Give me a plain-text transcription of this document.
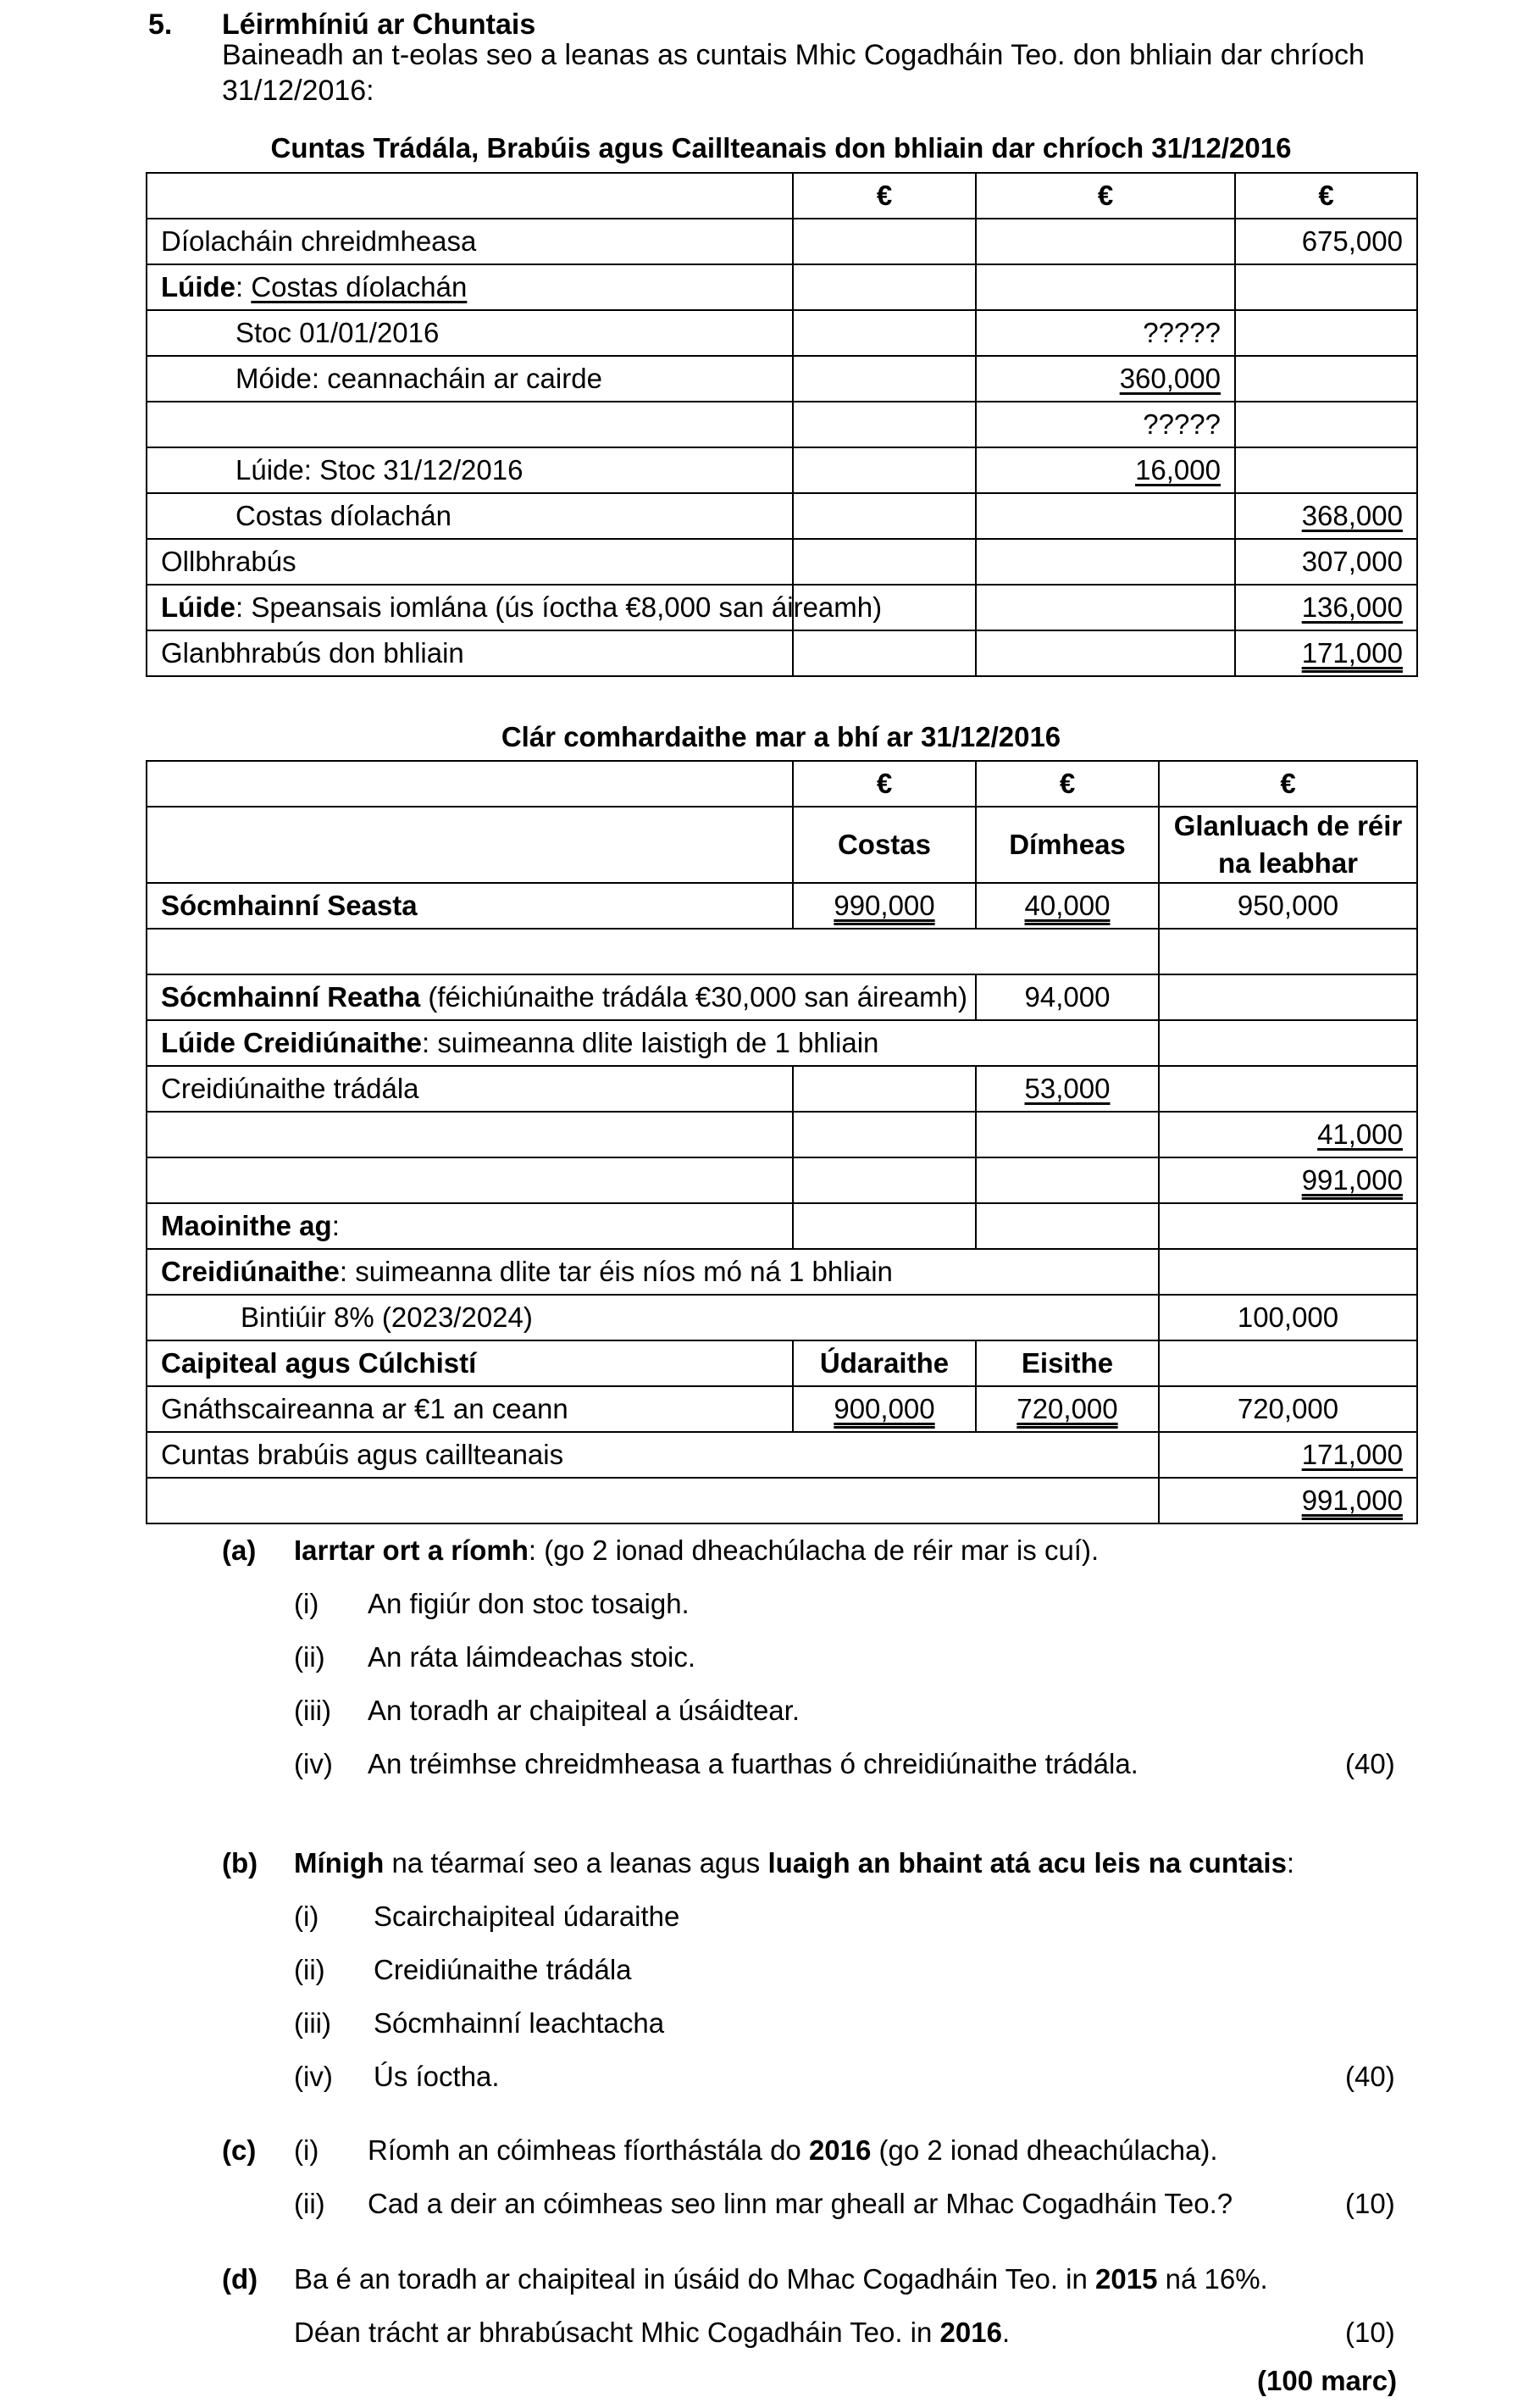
5. Léirmhíniú ar Chuntais
Baineadh an t-eolas seo a leanas as cuntais Mhic Cogadháin Teo. don bhliain dar chríoch
31/12/2016:
Cuntas Trádála, Brabúis agus Caillteanais don bhliain dar chríoch 31/12/2016
	€	€	€
Díolacháin chreidmheasa			675,000
Lúide: Costas díolachán			
Stoc 01/01/2016		?????	
Móide: ceannacháin ar cairde		360,000	
		?????	
Lúide: Stoc 31/12/2016		16,000	
Costas díolachán			368,000
Ollbhrabús			307,000
Lúide: Speansais iomlána (ús íoctha €8,000 san áireamh)			136,000
Glanbhrabús don bhliain			171,000
Clár comhardaithe mar a bhí ar 31/12/2016
	€	€	€
	Costas	Dímheas	Glanluach de réir
na leabhar
Sócmhainní Seasta	990,000	40,000	950,000

Sócmhainní Reatha (féichiúnaithe trádála €30,000 san áireamh)		94,000	
Lúide Creidiúnaithe: suimeanna dlite laistigh de 1 bhliain			
Creidiúnaithe trádála		53,000	
			41,000
			991,000
Maoinithe ag:			
Creidiúnaithe: suimeanna dlite tar éis níos mó ná 1 bhliain			
Bintiúir 8% (2023/2024)			100,000
Caipiteal agus Cúlchistí	Údaraithe	Eisithe	
Gnáthscaireanna ar €1 an ceann	900,000	720,000	720,000
Cuntas brabúis agus caillteanais			171,000
			991,000
(a) Iarrtar ort a ríomh: (go 2 ionad dheachúlacha de réir mar is cuí).
(i) An figiúr don stoc tosaigh.
(ii) An ráta láimdeachas stoic.
(iii) An toradh ar chaipiteal a úsáidtear.
(iv) An tréimhse chreidmheasa a fuarthas ó chreidiúnaithe trádála.	(40)
(b) Mínigh na téarmaí seo a leanas agus luaigh an bhaint atá acu leis na cuntais:
(i) Scairchaipiteal údaraithe
(ii) Creidiúnaithe trádála
(iii) Sócmhainní leachtacha
(iv) Ús íoctha.	(40)
(c) (i) Ríomh an cóimheas fíorthástála do 2016 (go 2 ionad dheachúlacha).
(ii) Cad a deir an cóimheas seo linn mar gheall ar Mhac Cogadháin Teo.?	(10)
(d) Ba é an toradh ar chaipiteal in úsáid do Mhac Cogadháin Teo. in 2015 ná 16%.
Déan trácht ar bhrabúsacht Mhic Cogadháin Teo. in 2016.	(10)
(100 marc)
